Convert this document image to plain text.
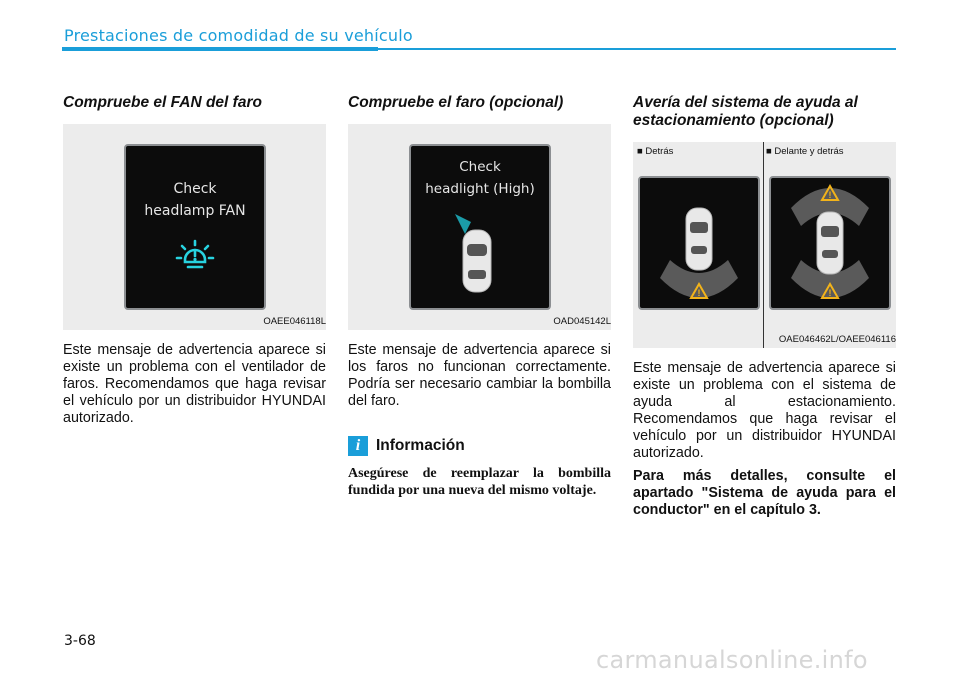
Prestaciones de comodidad de su vehículo
Compruebe el FAN del faro
Check
headlamp FAN
OAEE046118L

Este mensaje de advertencia aparece si existe un problema con el ventilador de faros. Recomendamos que haga revisar el vehículo por un distribuidor HYUNDAI autorizado.

Compruebe el faro (opcional)
Check
headlight (High)
OAD045142L

Este mensaje de advertencia aparece si los faros no funcionan correctamente. Podría ser necesario cambiar la bombilla del faro.

i	Información
Asegúrese de reemplazar la bombilla fundida por una nueva del mismo voltaje.
Avería del sistema de ayuda al
estacionamiento (opcional)
■ Detrás	■ Delante y detrás
!
!
!
OAE046462L/OAEE046116

Este mensaje de advertencia aparece si existe un problema con el sistema de ayuda al estacionamiento. Recomendamos que haga revisar el vehículo por un distribuidor HYUNDAI autorizado.

Para más detalles, consulte el apartado "Sistema de ayuda para el conductor" en el capítulo 3.

3-68
carmanualsonline.info
